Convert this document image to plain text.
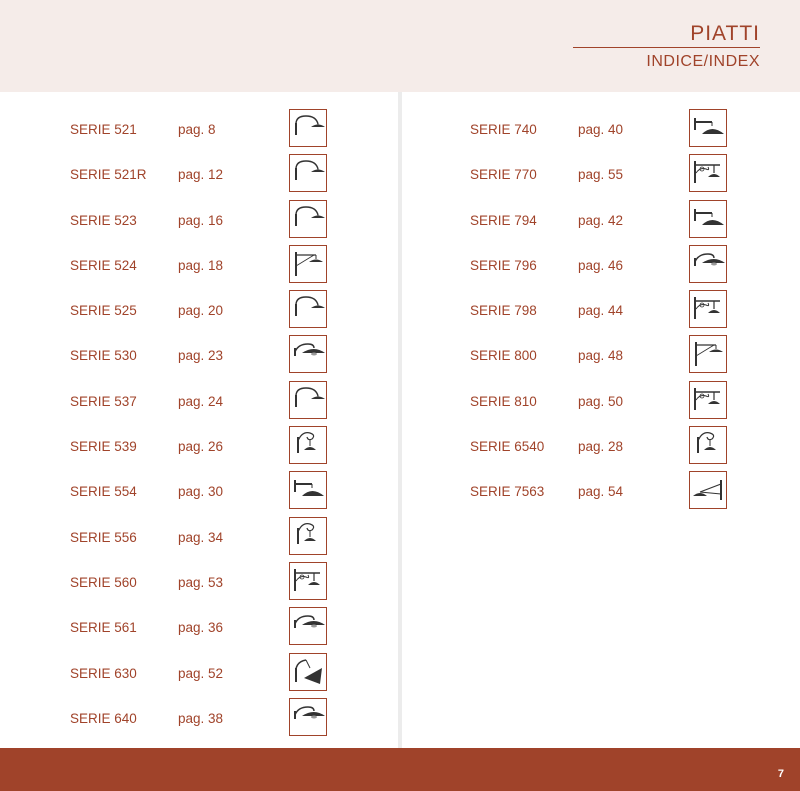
PIATTI
INDICE/INDEX
SERIE 521	pag. 8
SERIE 521R pag. 12
SERIE 523	pag. 16
SERIE 524	pag. 18
SERIE 525	pag. 20
SERIE 530	pag. 23
SERIE 537	pag. 24
SERIE 539	pag. 26
SERIE 554	pag. 30
SERIE 556	pag. 34
SERIE 560	pag. 53
SERIE 561	pag. 36
SERIE 630	pag. 52
SERIE 640	pag. 38
SERIE 740	pag. 40
SERIE 770	pag. 55
SERIE 794	pag. 42
SERIE 796	pag. 46
SERIE 798	pag. 44
SERIE 800	pag. 48
SERIE 810	pag. 50
SERIE 6540 pag. 28
SERIE 7563 pag. 54
7
